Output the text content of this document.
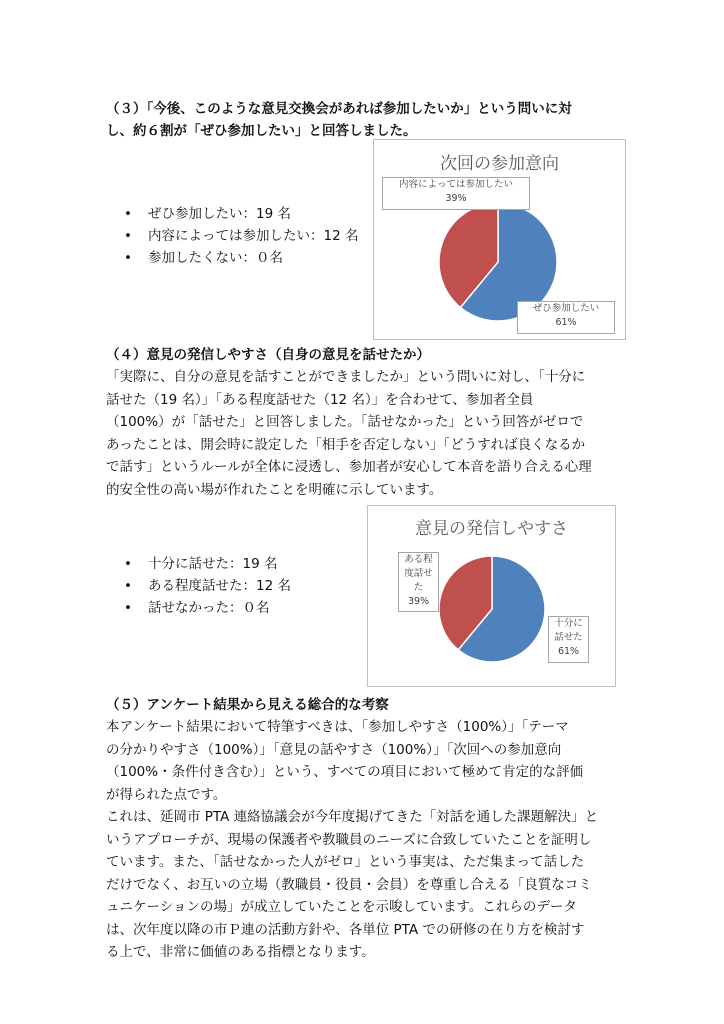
（３）「今後、このような意見交換会があれば参加したいか」という問いに対
し、約６割が「ぜひ参加したい」と回答しました。
• ぜひ参加したい：19 名
• 内容によっては参加したい：12 名
• 参加したくない：０名
次回の参加意向
内容によっては参加したい
39%
ぜひ参加したい
61%
（４）意見の発信しやすさ（自身の意見を話せたか）
「実際に、自分の意見を話すことができましたか」という問いに対し、「十分に
話せた（19 名）」「ある程度話せた（12 名）」を合わせて、参加者全員
（100%）が「話せた」と回答しました。「話せなかった」という回答がゼロで
あったことは、開会時に設定した「相手を否定しない」「どうすれば良くなるか
で話す」というルールが全体に浸透し、参加者が安心して本音を語り合える心理
的安全性の高い場が作れたことを明確に示しています。
• 十分に話せた：19 名
• ある程度話せた：12 名
• 話せなかった：０名
意見の発信しやすさ
ある程
度話せ
た
39%
十分に
話せた
61%
（５）アンケート結果から見える総合的な考察
本アンケート結果において特筆すべきは、「参加しやすさ（100%）」「テーマ
の分かりやすさ（100%）」「意見の話やすさ（100%）」「次回への参加意向
（100%・条件付き含む）」という、すべての項目において極めて肯定的な評価
が得られた点です。
これは、延岡市 PTA 連絡協議会が今年度掲げてきた「対話を通した課題解決」と
いうアプローチが、現場の保護者や教職員のニーズに合致していたことを証明し
ています。また、「話せなかった人がゼロ」という事実は、ただ集まって話した
だけでなく、お互いの立場（教職員・役員・会員）を尊重し合える「良質なコミ
ュニケーションの場」が成立していたことを示唆しています。これらのデータ
は、次年度以降の市Ｐ連の活動方針や、各単位 PTA での研修の在り方を検討す
る上で、非常に価値のある指標となります。
